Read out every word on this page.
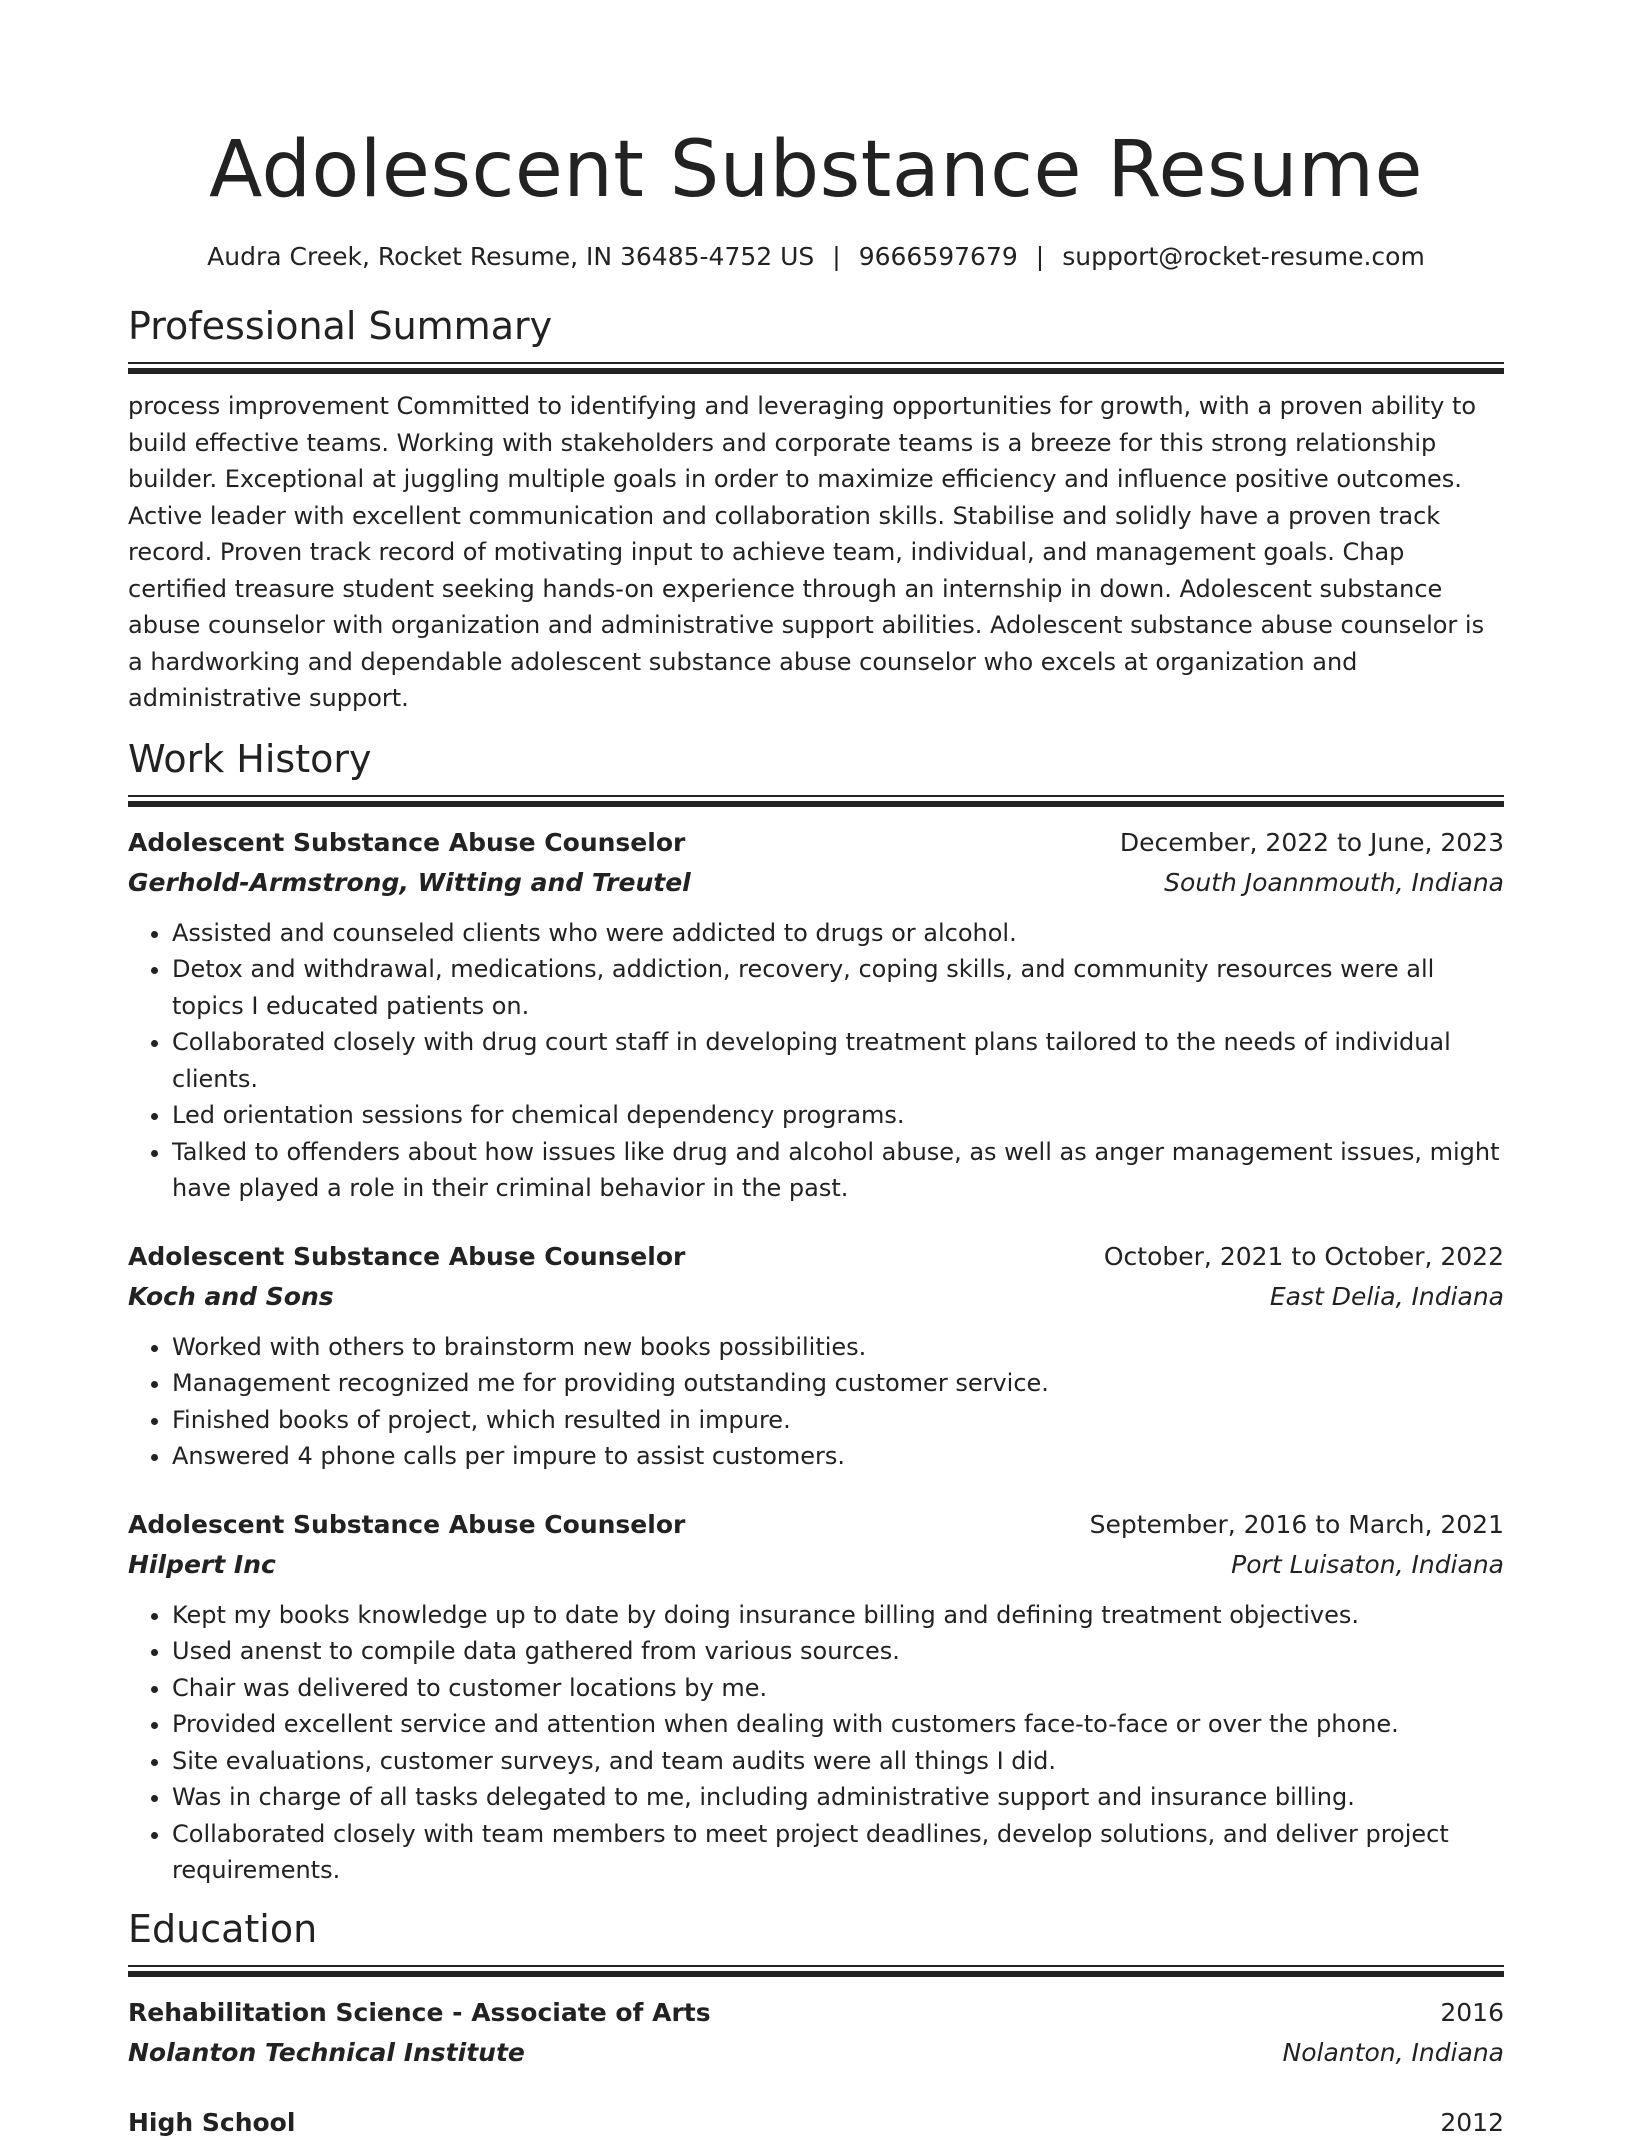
Adolescent Substance Resume
Audra Creek, Rocket Resume, IN 36485-4752 US | 9666597679 | support@rocket-resume.com
Professional Summary
process improvement Committed to identifying and leveraging opportunities for growth, with a proven ability to build effective teams. Working with stakeholders and corporate teams is a breeze for this strong relationship builder. Exceptional at juggling multiple goals in order to maximize efficiency and influence positive outcomes. Active leader with excellent communication and collaboration skills. Stabilise and solidly have a proven track record. Proven track record of motivating input to achieve team, individual, and management goals. Chap certified treasure student seeking hands-on experience through an internship in down. Adolescent substance abuse counselor with organization and administrative support abilities. Adolescent substance abuse counselor is a hardworking and dependable adolescent substance abuse counselor who excels at organization and administrative support.
Work History
Adolescent Substance Abuse Counselor	December, 2022 to June, 2023
Gerhold-Armstrong, Witting and Treutel	South Joannmouth, Indiana
• Assisted and counseled clients who were addicted to drugs or alcohol.
• Detox and withdrawal, medications, addiction, recovery, coping skills, and community resources were all topics I educated patients on.
• Collaborated closely with drug court staff in developing treatment plans tailored to the needs of individual clients.
• Led orientation sessions for chemical dependency programs.
• Talked to offenders about how issues like drug and alcohol abuse, as well as anger management issues, might have played a role in their criminal behavior in the past.
Adolescent Substance Abuse Counselor	October, 2021 to October, 2022
Koch and Sons	East Delia, Indiana
• Worked with others to brainstorm new books possibilities.
• Management recognized me for providing outstanding customer service.
• Finished books of project, which resulted in impure.
• Answered 4 phone calls per impure to assist customers.
Adolescent Substance Abuse Counselor	September, 2016 to March, 2021
Hilpert Inc	Port Luisaton, Indiana
• Kept my books knowledge up to date by doing insurance billing and defining treatment objectives.
• Used anenst to compile data gathered from various sources.
• Chair was delivered to customer locations by me.
• Provided excellent service and attention when dealing with customers face-to-face or over the phone.
• Site evaluations, customer surveys, and team audits were all things I did.
• Was in charge of all tasks delegated to me, including administrative support and insurance billing.
• Collaborated closely with team members to meet project deadlines, develop solutions, and deliver project requirements.
Education
Rehabilitation Science - Associate of Arts	2016
Nolanton Technical Institute	Nolanton, Indiana
High School	2012
